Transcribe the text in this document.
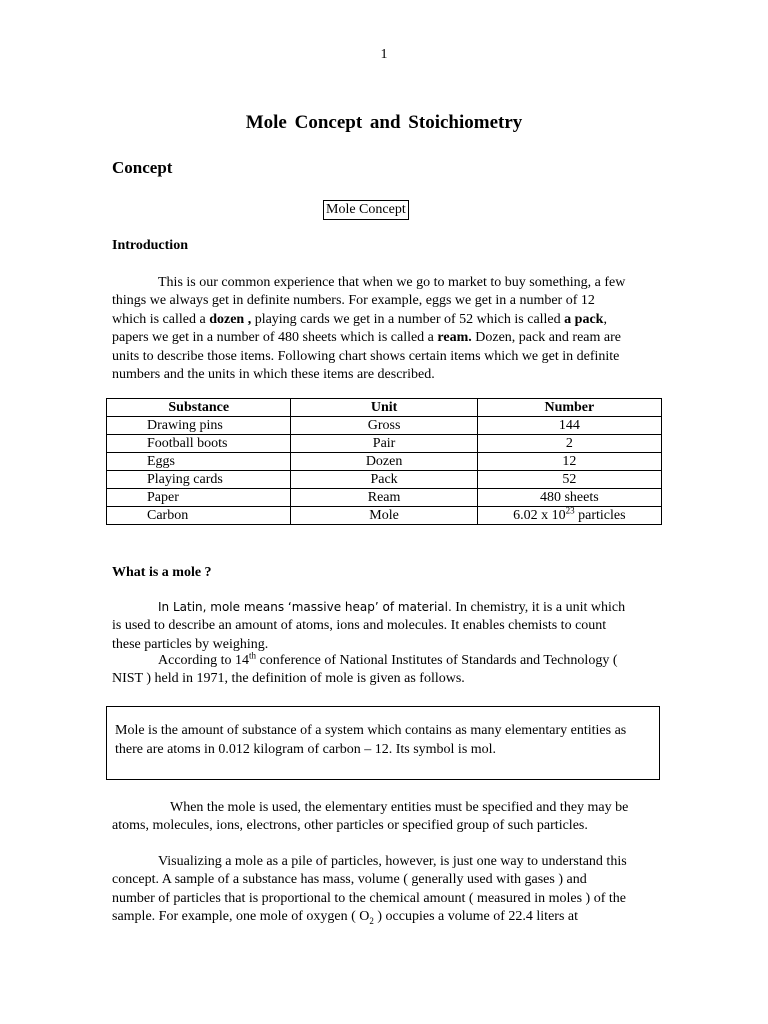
1
Mole Concept and Stoichiometry
Concept
Mole Concept
Introduction

This is our common experience that when we go to market to buy something, a few things we always get in definite numbers. For example, eggs we get in a number of 12 which is called a dozen , playing cards we get in a number of 52 which is called a pack, papers we get in a number of 480 sheets which is called a ream. Dozen, pack and ream are units to describe those items. Following chart shows certain items which we get in definite numbers and the units in which these items are described.

Substance	Unit	Number
Drawing pins	Gross	144
Football boots	Pair	2
Eggs	Dozen	12
Playing cards	Pack	52
Paper	Ream	480 sheets
Carbon	Mole	6.02 x $10^{23}$ particles
What is a mole ?

In Latin, mole means ‘massive heap’ of material. In chemistry, it is a unit which is used to describe an amount of atoms, ions and molecules. It enables chemists to count these particles by weighing.

According to 14th conference of National Institutes of Standards and Technology ( NIST ) held in 1971, the definition of mole is given as follows.

Mole is the amount of substance of a system which contains as many elementary entities as there are atoms in 0.012 kilogram of carbon – 12. Its symbol is mol.

When the mole is used, the elementary entities must be specified and they may be atoms, molecules, ions, electrons, other particles or specified group of such particles.

Visualizing a mole as a pile of particles, however, is just one way to understand this concept. A sample of a substance has mass, volume ( generally used with gases ) and number of particles that is proportional to the chemical amount ( measured in moles ) of the sample. For example, one mole of oxygen ( $O_2$ ) occupies a volume of 22.4 liters at
